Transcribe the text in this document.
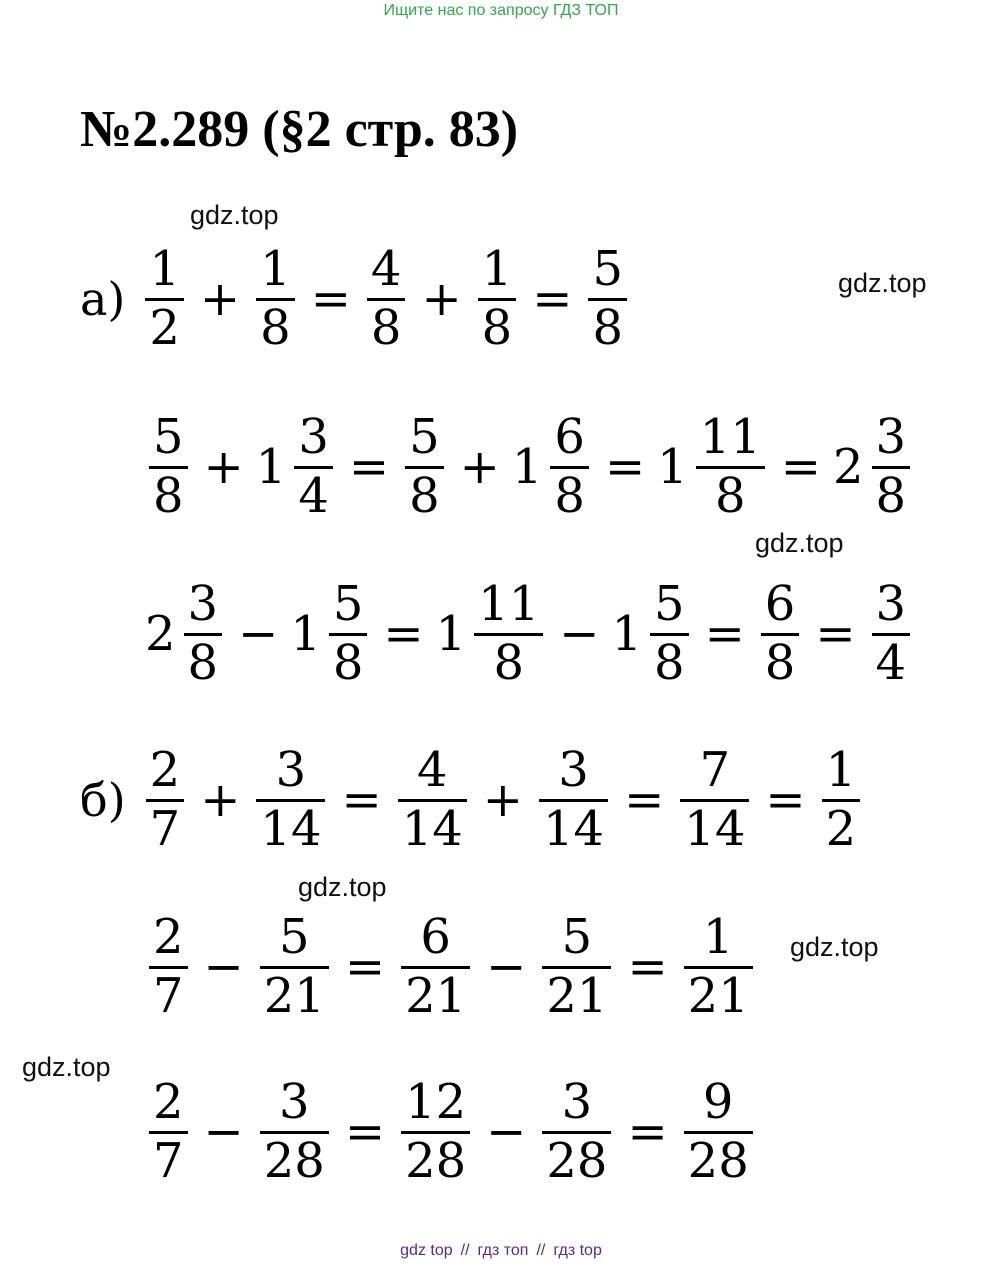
Ищите нас по запросу ГДЗ ТОП
№2.289 (§2 стр. 83)
gdz.top
gdz.top
gdz.top
gdz.top
gdz.top
gdz.top
$а) \frac{1}{2} + \frac{1}{8} = \frac{4}{8} + \frac{1}{8} = \frac{5}{8}$
$\frac{5}{8} + 1 \frac{3}{4} = \frac{5}{8} + 1 \frac{6}{8} = 1 \frac{11}{8} = 2 \frac{3}{8}$
$2 \frac{3}{8} - 1 \frac{5}{8} = 1 \frac{11}{8} - 1 \frac{5}{8} = \frac{6}{8} = \frac{3}{4}$
$б) \frac{2}{7} + \frac{3}{14} = \frac{4}{14} + \frac{3}{14} = \frac{7}{14} = \frac{1}{2}$
$\frac{2}{7} - \frac{5}{21} = \frac{6}{21} - \frac{5}{21} = \frac{1}{21}$
$\frac{2}{7} - \frac{3}{28} = \frac{12}{28} - \frac{3}{28} = \frac{9}{28}$
gdz top // гдз топ // гдз top
